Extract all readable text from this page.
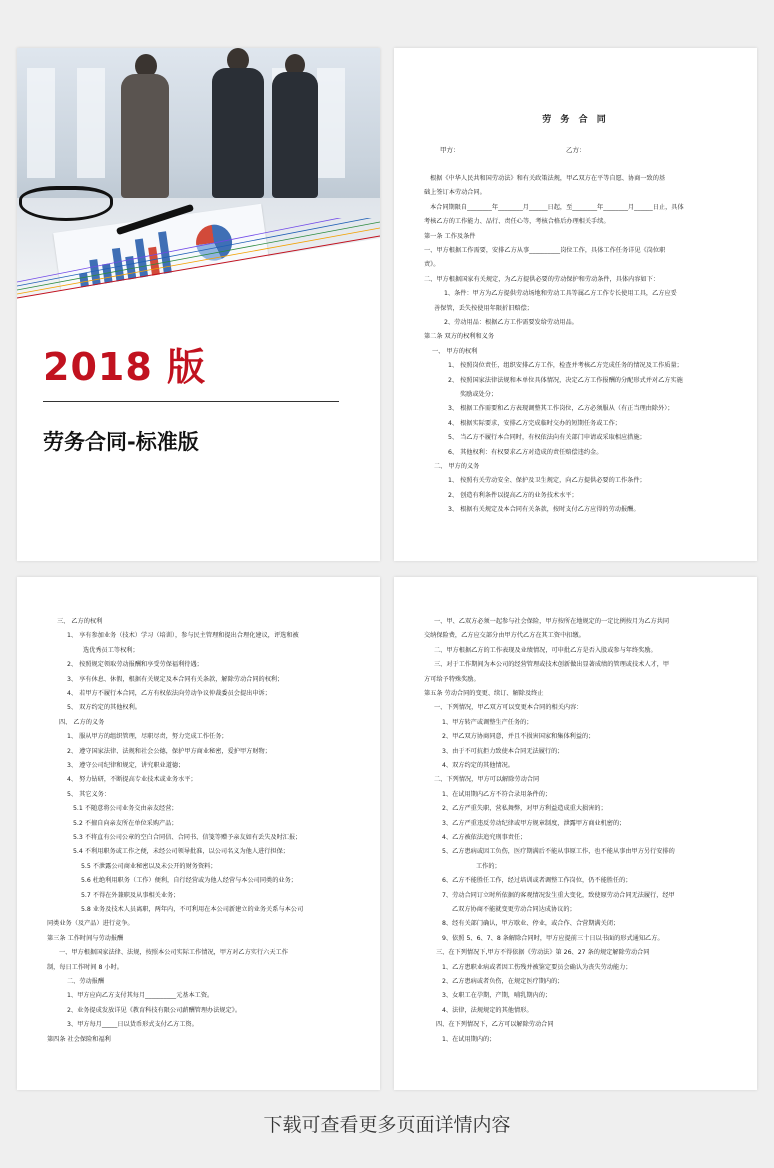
2018 版
劳务合同-标准版
劳 务 合 同
甲方：	乙方：
根据《中华人民共和国劳动法》和有关政策法规，甲乙双方在平等自愿、协商一致的基
础上签订本劳动合同。
本合同期限自________年________月______日起，至________年________月______日止，具体
考核乙方的工作能力、品行、责任心等，考核合格后办理相关手续。
第一条 工作及条件
一、甲方根据工作需要，安排乙方从事__________岗位工作，具体工作任务详见《岗位职
责》。
二、甲方根据国家有关规定，为乙方提供必要的劳动保护和劳动条件，具体内容如下：
1、条件：甲方为乙方提供劳动场地和劳动工具等属乙方工作专长使用工具，乙方应妥
善保管，丢失按使用年限折旧赔偿；
2、劳动用品：根据乙方工作需要发给劳动用品。
第二条 双方的权利和义务
一、 甲方的权利
1、 按照岗位责任，组织安排乙方工作，检查并考核乙方完成任务的情况及工作质量；
2、 按照国家法律法规和本单位具体情况，决定乙方工作报酬的分配形式并对乙方实施
奖励或处分；
3、 根据工作需要和乙方表现调整其工作岗位，乙方必须服从（有正当理由除外）；
4、 根据实际要求，安排乙方完成临时交办的短期任务或工作；
5、 当乙方不履行本合同时，有权依法向有关部门申请或采取相应措施；
6、 其他权利：有权要求乙方对造成的责任赔偿违约金。
二、 甲方的义务
1、 按照有关劳动安全、保护及卫生规定，向乙方提供必要的工作条件；
2、 创造有利条件以提高乙方的业务技术水平；
3、 根据有关规定及本合同有关条款，按时支付乙方应得的劳动报酬。
三、 乙方的权利
1、 享有参加业务（技术）学习（培训），参与民主管理和提出合理化建议，评选和被
选优秀员工等权利；
2、 按照规定领取劳动报酬和享受劳保福利待遇；
3、 享有休息、休假，根据有关规定及本合同有关条款，解除劳动合同的权利；
4、 若甲方不履行本合同，乙方有权依法向劳动争议仲裁委员会提出申诉；
5、 双方约定的其他权利。
四、 乙方的义务
1、 服从甲方的组织管理，尽职尽责，努力完成工作任务；
2、 遵守国家法律、法规和社会公德，保护甲方商业秘密，爱护甲方财物；
3、 遵守公司纪律和规定，讲究职业道德；
4、 努力钻研，不断提高专业技术或业务水平；
5、 其它义务：
5.1 不随意将公司业务交由亲友经营；
5.2 不擅自向亲友所在单位采购产品；
5.3 不将直有公司公章的空白合同信、合同书、信笺等赠予亲友如有丢失及时汇报；
5.4 不利用职务或工作之便，未经公司领导批准，以公司名义为他人进行担保；
5.5 不泄露公司商业秘密以及未公开的财务资料；
5.6 杜绝利用职务（工作）便利，自行经营或为他人经营与本公司同类的业务；
5.7 不得在外兼职及从事相关业务；
5.8 业务及技术人员离职，两年内，不可利用在本公司新建立的业务关系与本公司
同类业务（及产品）进行竞争。
第三条 工作时间与劳动报酬
一、甲方根据国家法律、法规，按照本公司实际工作情况，甲方对乙方实行六天工作
制，每日工作时间 8 小时。
二、劳动报酬
1、甲方应向乙方支付其每月__________元基本工资。
2、业务提成发放详见《教育科技有限公司薪酬管理办法规定》。
3、甲方每月_____日以货币形式支付乙方工资。
第四条 社会保险和福利
一、甲、乙双方必须一起参与社会保险，甲方按所在地规定的一定比例按月为乙方共同
交纳保险费，乙方应交部分由甲方代乙方在其工资中扣缴。
二、甲方根据乙方的工作表现及业绩情况，可申批乙方是否入股或参与年终奖励。
三、对于工作期间为本公司的经营管理或技术创新做出显著成绩的管理或技术人才，甲
方可给予特殊奖励。
第五条 劳动合同的变更、续订、解除及终止
一、下列情况，甲乙双方可以变更本合同的相关内容：
1、甲方转产或调整生产任务的；
2、甲乙双方协商同意，并且不损害国家和集体利益的；
3、由于不可抗拒力致使本合同无法履行的；
4、双方约定的其他情况。
二、下列情况，甲方可以解除劳动合同
1、在试用期内乙方不符合录用条件的；
2、乙方严重失职，营私舞弊，对甲方利益造成重大损害的；
3、乙方严重违反劳动纪律或甲方规章制度，泄露甲方商业机密的；
4、乙方被依法追究刑事责任；
5、乙方患病或因工负伤，医疗期满后不能从事原工作，也不能从事由甲方另行安排的
工作的；
6、乙方不能胜任工作，经过培训或者调整工作岗位，仍不能胜任的；
7、劳动合同订立时所依据的客观情况发生重大变化，致使原劳动合同无法履行，经甲
乙双方协商不能就变更劳动合同达成协议的；
8、经有关部门确认，甲方歇业、停业，或合作、合营期满关闭；
9、依照 5、6、7、8 条解除合同时，甲方应提前三十日以书面的形式通知乙方。
三、在下列情况下,甲方不得依据《劳动法》第 26、27 条的规定解除劳动合同
1、乙方患职业病或者因工伤残并被鉴定要员会确认为丧失劳动能力；
2、乙方患病或者负伤，在规定医疗期内的；
3、女职工在孕期，产期，哺乳期内的；
4、法律，法规规定的其他情形。
四、在下列情况下，乙方可以解除劳动合同
1、在试用期内的；
下载可查看更多页面详情内容
